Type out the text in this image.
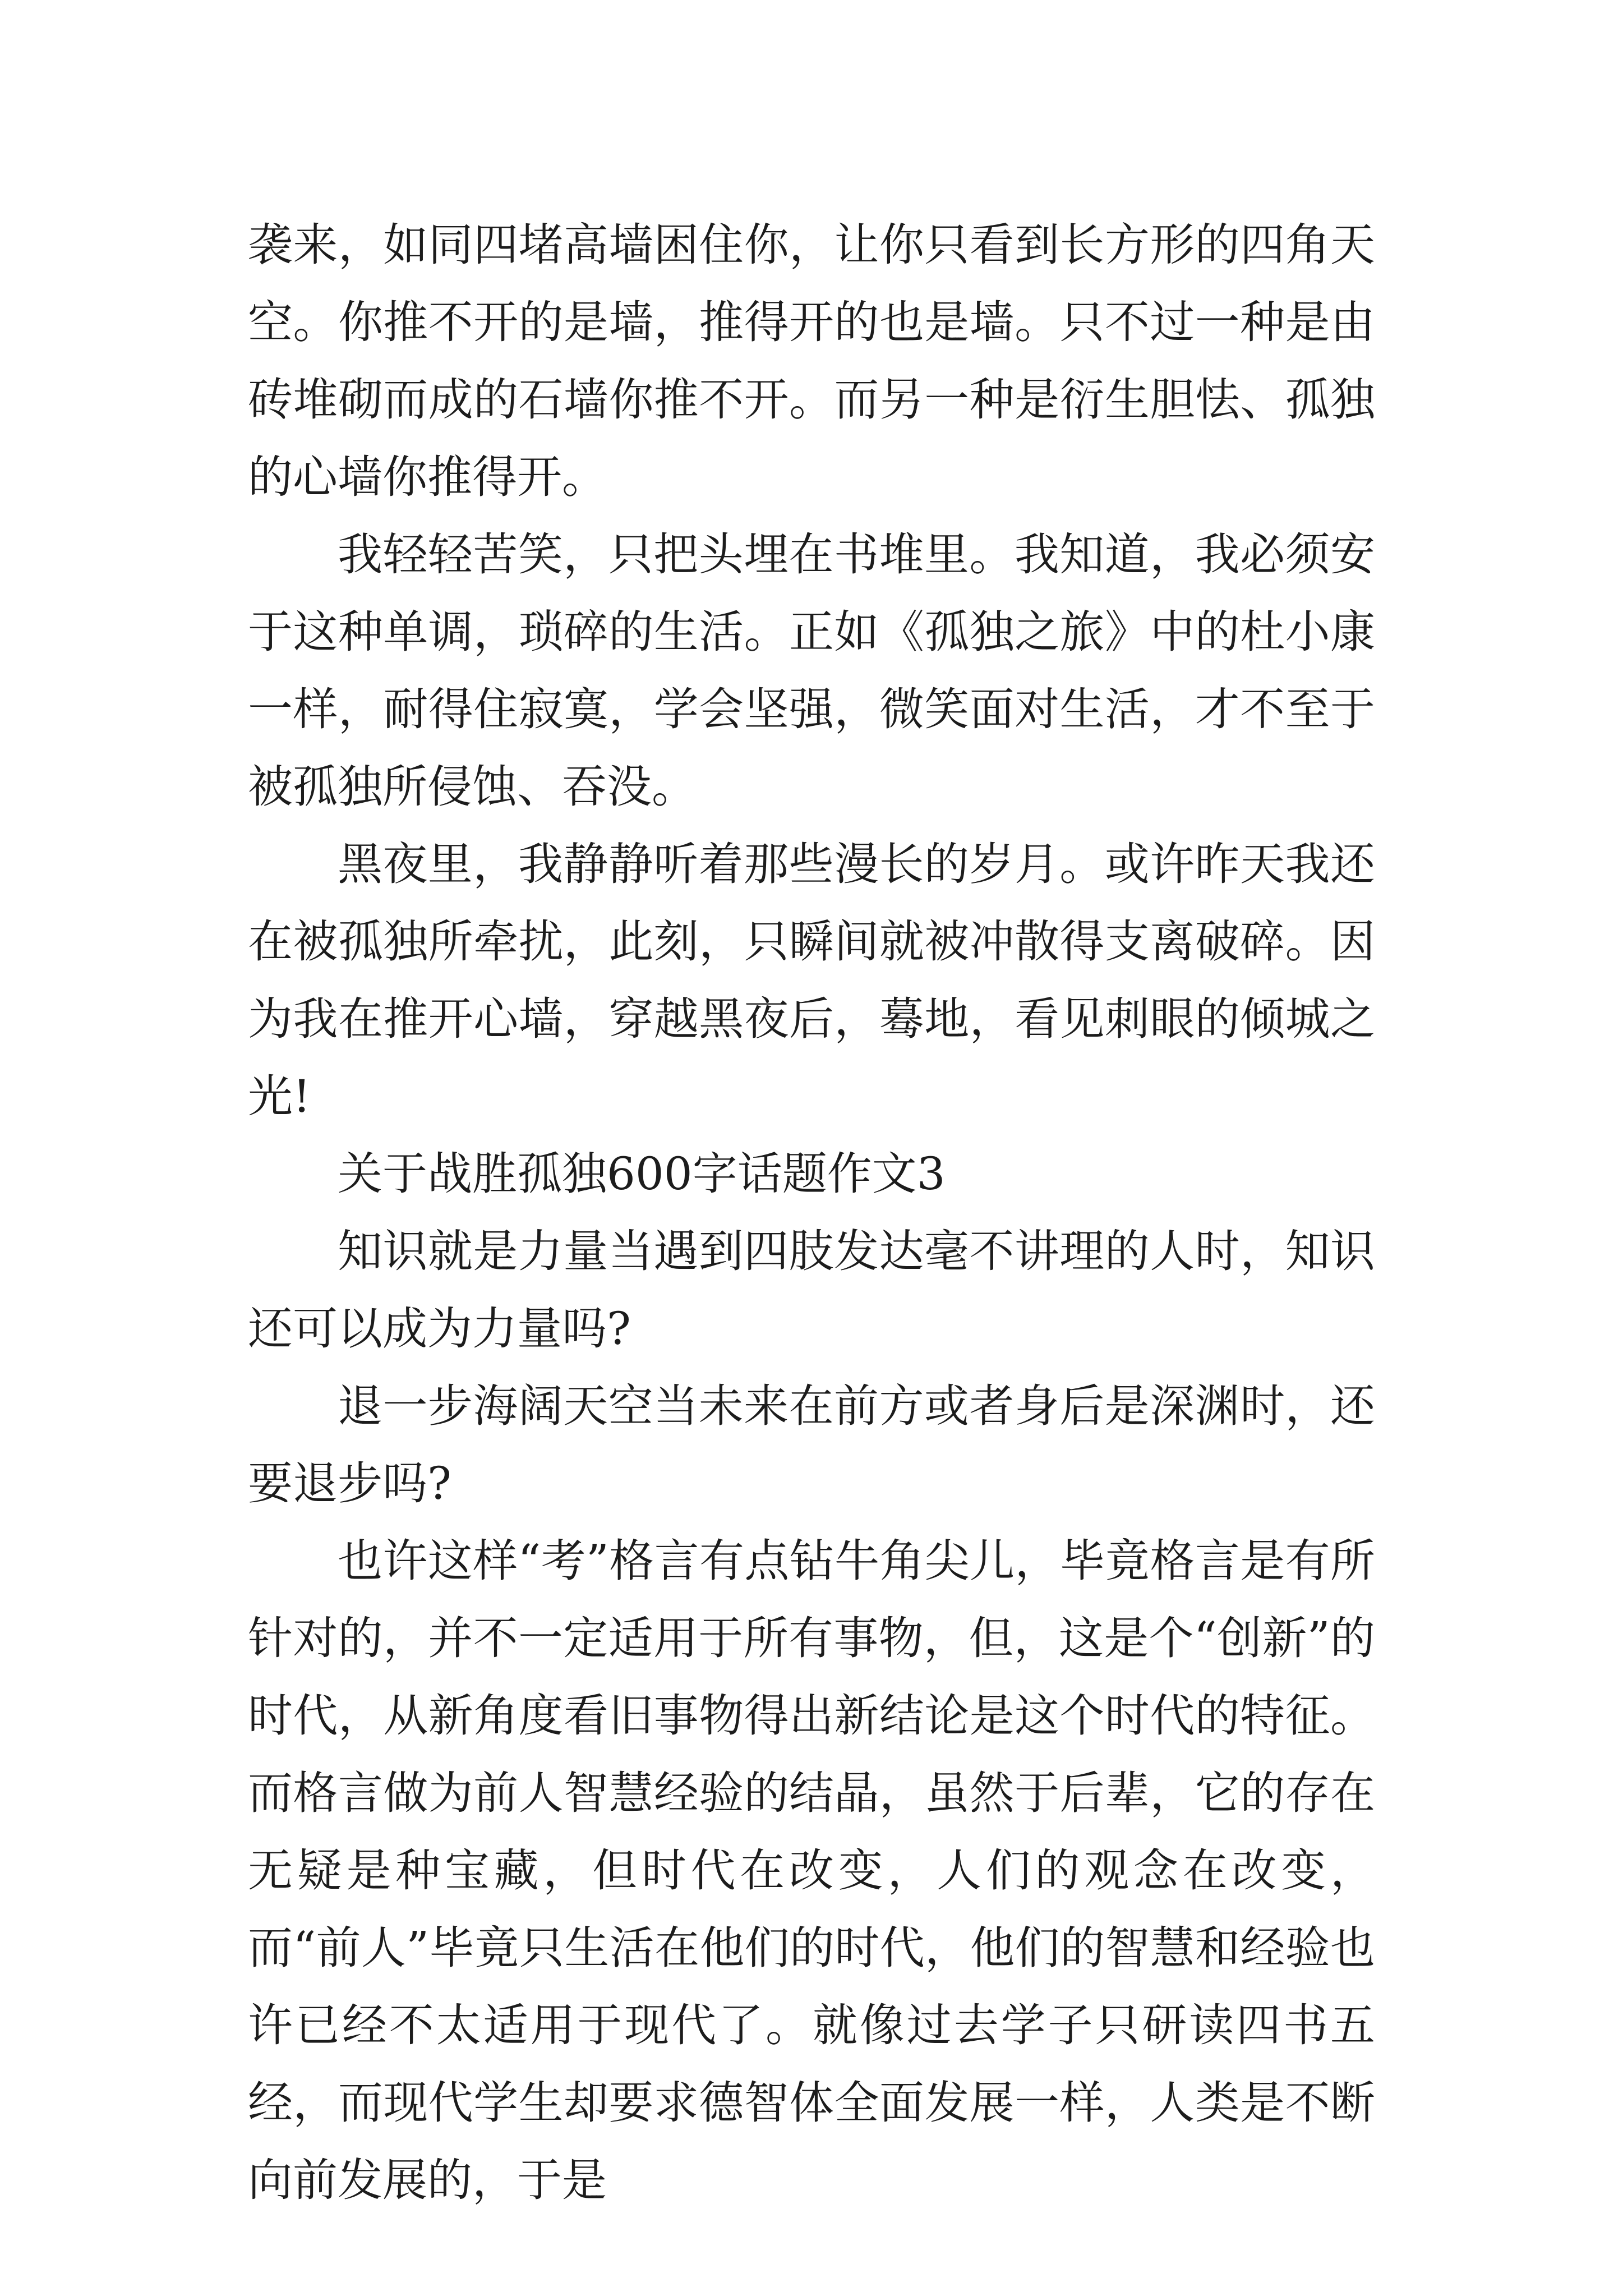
袭来，如同四堵高墙困住你，让你只看到长方形的四角天空。你推不开的是墙，推得开的也是墙。只不过一种是由砖堆砌而成的石墙你推不开。而另一种是衍生胆怯、孤独的心墙你推得开。

我轻轻苦笑，只把头埋在书堆里。我知道，我必须安于这种单调，琐碎的生活。正如《孤独之旅》中的杜小康一样，耐得住寂寞，学会坚强，微笑面对生活，才不至于被孤独所侵蚀、吞没。

黑夜里，我静静听着那些漫长的岁月。或许昨天我还在被孤独所牵扰，此刻，只瞬间就被冲散得支离破碎。因为我在推开心墙，穿越黑夜后，蓦地，看见刺眼的倾城之光!

关于战胜孤独600字话题作文3

知识就是力量当遇到四肢发达毫不讲理的人时，知识还可以成为力量吗?

退一步海阔天空当未来在前方或者身后是深渊时，还要退步吗?

也许这样“考”格言有点钻牛角尖儿，毕竟格言是有所针对的，并不一定适用于所有事物，但，这是个“创新”的时代，从新角度看旧事物得出新结论是这个时代的特征。而格言做为前人智慧经验的结晶，虽然于后辈，它的存在无疑是种宝藏，但时代在改变，人们的观念在改变，而“前人”毕竟只生活在他们的时代，他们的智慧和经验也许已经不太适用于现代了。就像过去学子只研读四书五经，而现代学生却要求德智体全面发展一样，人类是不断向前发展的，于是
